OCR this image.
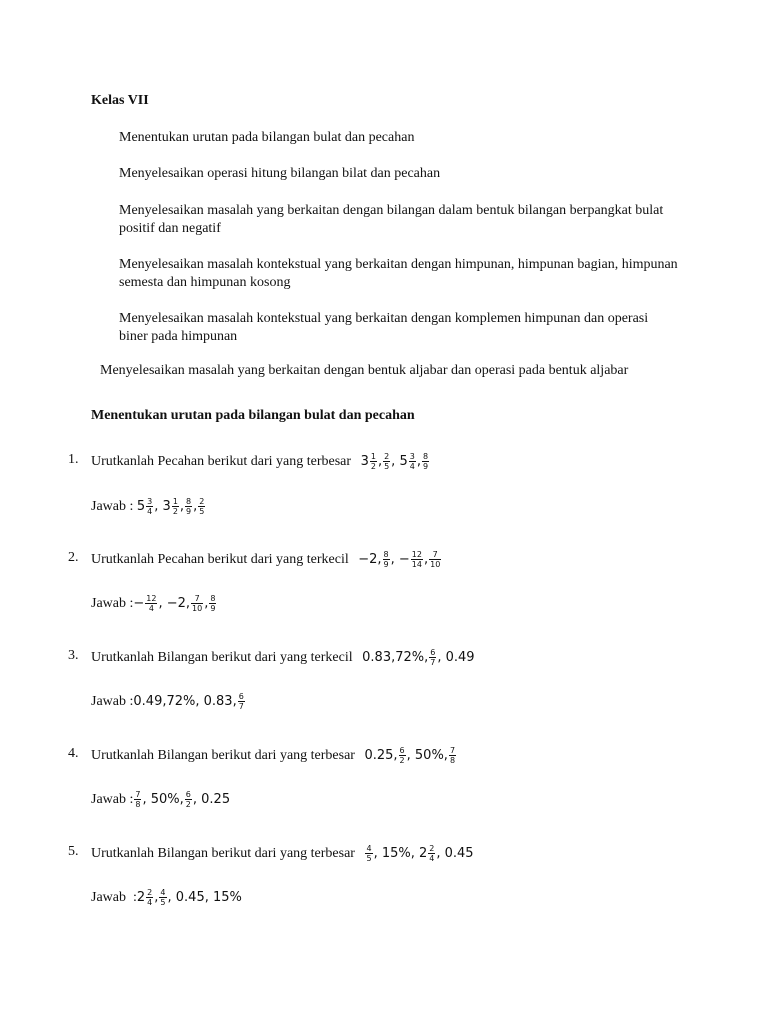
Kelas VII
Menentukan urutan pada bilangan bulat dan pecahan
Menyelesaikan operasi hitung bilangan bilat dan pecahan
Menyelesaikan masalah yang berkaitan dengan bilangan dalam bentuk bilangan berpangkat bulat positif dan negatif
Menyelesaikan masalah kontekstual yang berkaitan dengan himpunan, himpunan bagian, himpunan semesta dan himpunan kosong
Menyelesaikan masalah kontekstual yang berkaitan dengan komplemen himpunan dan operasi biner pada himpunan
Menyelesaikan masalah yang berkaitan dengan bentuk aljabar dan operasi pada bentuk aljabar
Menentukan urutan pada bilangan bulat dan pecahan
1. Urutkanlah Pecahan berikut dari yang terbesar $3 \frac{1}{2}$ , $\frac{2}{5}$ , $5 \frac{3}{4}$ , $\frac{8}{9}$
Jawab : $5 \frac{3}{4}$ , $3 \frac{1}{2}$ , $\frac{8}{9}$ , $\frac{2}{5}$
2. Urutkanlah Pecahan berikut dari yang terkecil −2, $\frac{8}{9}$ , − $\frac{12}{14}$ , $\frac{7}{10}$
Jawab :− $\frac{12}{4}$ , −2, $\frac{7}{10}$ , $\frac{8}{9}$
3. Urutkanlah Bilangan berikut dari yang terkecil 0.83,72%, $\frac{6}{7}$ , 0.49
Jawab :0.49,72%, 0.83, $\frac{6}{7}$
4. Urutkanlah Bilangan berikut dari yang terbesar 0.25, $\frac{6}{2}$ , 50%, $\frac{7}{8}$
Jawab : $\frac{7}{8}$ , 50%, $\frac{6}{2}$ , 0.25
5. Urutkanlah Bilangan berikut dari yang terbesar $\frac{4}{5}$ , 15%, $2 \frac{2}{4}$ , 0.45
Jawab  :2 $\frac{2}{4}$ , $\frac{4}{5}$ , 0.45, 15%
